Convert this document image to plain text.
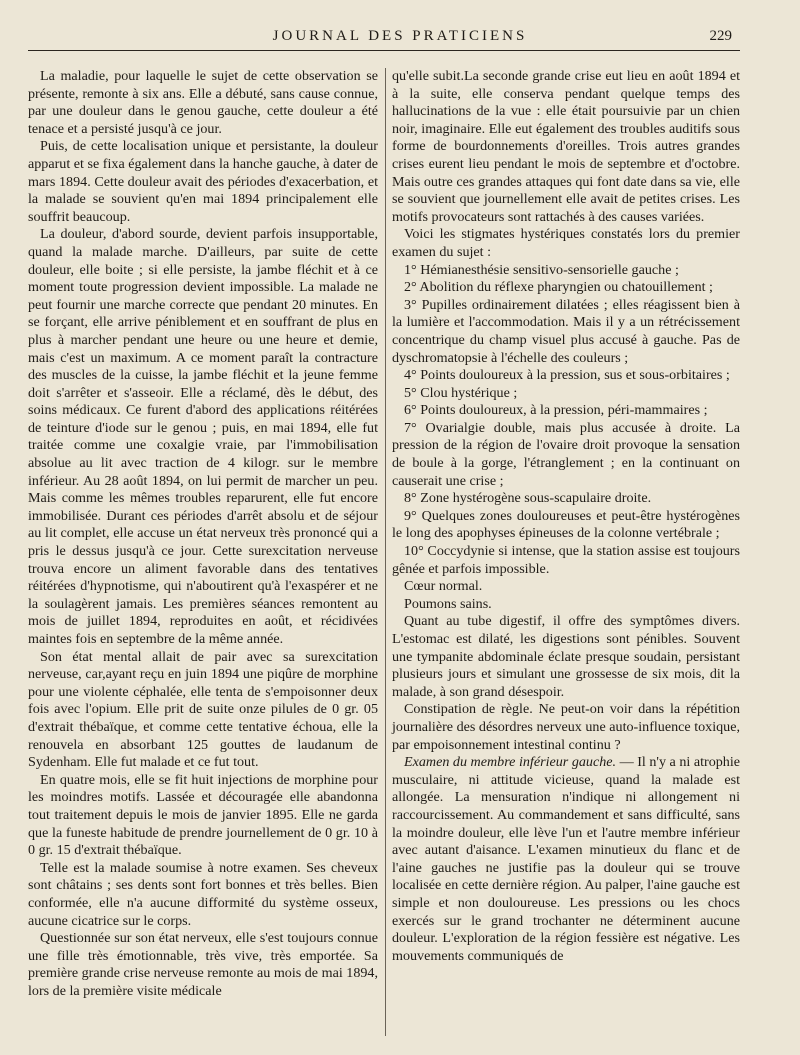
JOURNAL DES PRATICIENS	229

La maladie, pour laquelle le sujet de cette observation se présente, remonte à six ans. Elle a débuté, sans cause connue, par une douleur dans le genou gauche, cette douleur a été tenace et a persisté jusqu'à ce jour.

Puis, de cette localisation unique et persistante, la douleur apparut et se fixa également dans la hanche gauche, à dater de mars 1894. Cette douleur avait des périodes d'exacerbation, et la malade se souvient qu'en mai 1894 principalement elle souffrit beaucoup.

La douleur, d'abord sourde, devient parfois insupportable, quand la malade marche. D'ailleurs, par suite de cette douleur, elle boite ; si elle persiste, la jambe fléchit et à ce moment toute progression devient impossible. La malade ne peut fournir une marche correcte que pendant 20 minutes. En se forçant, elle arrive péniblement et en souffrant de plus en plus à marcher pendant une heure ou une heure et demie, mais c'est un maximum. A ce moment paraît la contracture des muscles de la cuisse, la jambe fléchit et la jeune femme doit s'arrêter et s'asseoir. Elle a réclamé, dès le début, des soins médicaux. Ce furent d'abord des applications réitérées de teinture d'iode sur le genou ; puis, en mai 1894, elle fut traitée comme une coxalgie vraie, par l'immobilisation absolue au lit avec traction de 4 kilogr. sur le membre inférieur. Au 28 août 1894, on lui permit de marcher un peu. Mais comme les mêmes troubles reparurent, elle fut encore immobilisée. Durant ces périodes d'arrêt absolu et de séjour au lit complet, elle accuse un état nerveux très prononcé qui a pris le dessus jusqu'à ce jour. Cette surexcitation nerveuse trouva encore un aliment favorable dans des tentatives réitérées d'hypnotisme, qui n'aboutirent qu'à l'exaspérer et ne la soulagèrent jamais. Les premières séances remontent au mois de juillet 1894, reproduites en août, et récidivées maintes fois en septembre de la même année.

Son état mental allait de pair avec sa surexcitation nerveuse, car,ayant reçu en juin 1894 une piqûre de morphine pour une violente céphalée, elle tenta de s'empoisonner deux fois avec l'opium. Elle prit de suite onze pilules de 0 gr. 05 d'extrait thébaïque, et comme cette tentative échoua, elle la renouvela en absorbant 125 gouttes de laudanum de Sydenham. Elle fut malade et ce fut tout.

En quatre mois, elle se fit huit injections de morphine pour les moindres motifs. Lassée et découragée elle abandonna tout traitement depuis le mois de janvier 1895. Elle ne garda que la funeste habitude de prendre journellement de 0 gr. 10 à 0 gr. 15 d'extrait thébaïque.

Telle est la malade soumise à notre examen. Ses cheveux sont châtains ; ses dents sont fort bonnes et très belles. Bien conformée, elle n'a aucune difformité du système osseux, aucune cicatrice sur le corps.

Questionnée sur son état nerveux, elle s'est toujours connue une fille très émotionnable, très vive, très emportée. Sa première grande crise nerveuse remonte au mois de mai 1894, lors de la première visite médicale

qu'elle subit.La seconde grande crise eut lieu en août 1894 et à la suite, elle conserva pendant quelque temps des hallucinations de la vue : elle était poursuivie par un chien noir, imaginaire. Elle eut également des troubles auditifs sous forme de bourdonnements d'oreilles. Trois autres grandes crises eurent lieu pendant le mois de septembre et d'octobre. Mais outre ces grandes attaques qui font date dans sa vie, elle se souvient que journellement elle avait de petites crises. Les motifs provocateurs sont rattachés à des causes variées.

Voici les stigmates hystériques constatés lors du premier examen du sujet :

1° Hémianesthésie sensitivo-sensorielle gauche ;

2° Abolition du réflexe pharyngien ou chatouillement ;

3° Pupilles ordinairement dilatées ; elles réagissent bien à la lumière et l'accommodation. Mais il y a un rétrécissement concentrique du champ visuel plus accusé à gauche. Pas de dyschromatopsie à l'échelle des couleurs ;

4° Points douloureux à la pression, sus et sous-orbitaires ;

5° Clou hystérique ;

6° Points douloureux, à la pression, péri-mammaires ;

7° Ovarialgie double, mais plus accusée à droite. La pression de la région de l'ovaire droit provoque la sensation de boule à la gorge, l'étranglement ; en la continuant on causerait une crise ;

8° Zone hystérogène sous-scapulaire droite.

9° Quelques zones douloureuses et peut-être hystérogènes le long des apophyses épineuses de la colonne vertébrale ;

10° Coccydynie si intense, que la station assise est toujours gênée et parfois impossible.

Cœur normal.

Poumons sains.

Quant au tube digestif, il offre des symptômes divers. L'estomac est dilaté, les digestions sont pénibles. Souvent une tympanite abdominale éclate presque soudain, persistant plusieurs jours et simulant une grossesse de six mois, dit la malade, à son grand désespoir.

Constipation de règle. Ne peut-on voir dans la répétition journalière des désordres nerveux une auto-influence toxique, par empoisonnement intestinal continu ?

Examen du membre inférieur gauche. — Il n'y a ni atrophie musculaire, ni attitude vicieuse, quand la malade est allongée. La mensuration n'indique ni allongement ni raccourcissement. Au commandement et sans difficulté, sans la moindre douleur, elle lève l'un et l'autre membre inférieur avec autant d'aisance. L'examen minutieux du flanc et de l'aine gauches ne justifie pas la douleur qui se trouve localisée en cette dernière région. Au palper, l'aine gauche est simple et non douloureuse. Les pressions ou les chocs exercés sur le grand trochanter ne déterminent aucune douleur. L'exploration de la région fessière est négative. Les mouvements communiqués de
